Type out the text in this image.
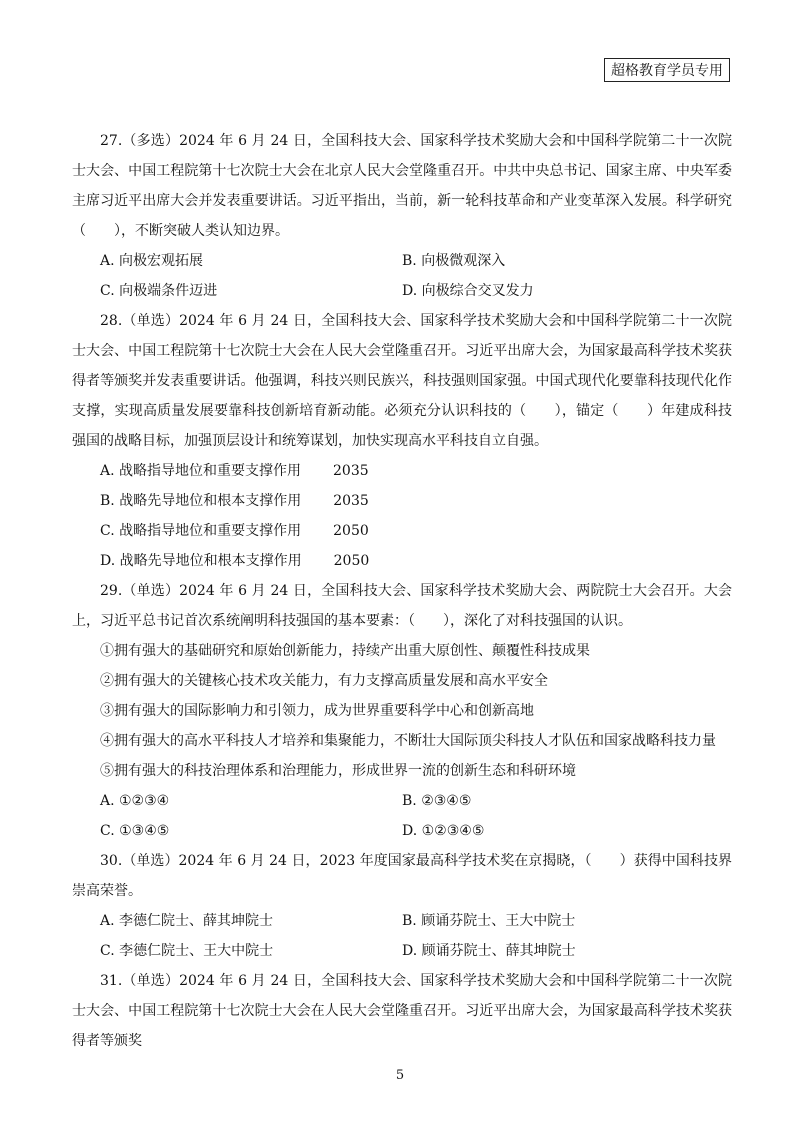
超格教育学员专用

27.（多选）2024 年 6 月 24 日，全国科技大会、国家科学技术奖励大会和中国科学院第二十一次院士大会、中国工程院第十七次院士大会在北京人民大会堂隆重召开。中共中央总书记、国家主席、中央军委主席习近平出席大会并发表重要讲话。习近平指出，当前，新一轮科技革命和产业变革深入发展。科学研究（　　），不断突破人类认知边界。

A. 向极宏观拓展	B. 向极微观深入
C. 向极端条件迈进	D. 向极综合交叉发力

28.（单选）2024 年 6 月 24 日，全国科技大会、国家科学技术奖励大会和中国科学院第二十一次院士大会、中国工程院第十七次院士大会在人民大会堂隆重召开。习近平出席大会，为国家最高科学技术奖获得者等颁奖并发表重要讲话。他强调，科技兴则民族兴，科技强则国家强。中国式现代化要靠科技现代化作支撑，实现高质量发展要靠科技创新培育新动能。必须充分认识科技的（　　），锚定（　　）年建成科技强国的战略目标，加强顶层设计和统筹谋划，加快实现高水平科技自立自强。

A. 战略指导地位和重要支撑作用 2035
B. 战略先导地位和根本支撑作用 2035
C. 战略指导地位和重要支撑作用 2050
D. 战略先导地位和根本支撑作用 2050

29.（单选）2024 年 6 月 24 日，全国科技大会、国家科学技术奖励大会、两院院士大会召开。大会上，习近平总书记首次系统阐明科技强国的基本要素：（　　），深化了对科技强国的认识。

①拥有强大的基础研究和原始创新能力，持续产出重大原创性、颠覆性科技成果
②拥有强大的关键核心技术攻关能力，有力支撑高质量发展和高水平安全
③拥有强大的国际影响力和引领力，成为世界重要科学中心和创新高地
④拥有强大的高水平科技人才培养和集聚能力，不断壮大国际顶尖科技人才队伍和国家战略科技力量
⑤拥有强大的科技治理体系和治理能力，形成世界一流的创新生态和科研环境
A. ①②③④	B. ②③④⑤
C. ①③④⑤	D. ①②③④⑤

30.（单选）2024 年 6 月 24 日，2023 年度国家最高科学技术奖在京揭晓，（　　）获得中国科技界崇高荣誉。

A. 李德仁院士、薛其坤院士	B. 顾诵芬院士、王大中院士
C. 李德仁院士、王大中院士	D. 顾诵芬院士、薛其坤院士

31.（单选）2024 年 6 月 24 日，全国科技大会、国家科学技术奖励大会和中国科学院第二十一次院士大会、中国工程院第十七次院士大会在人民大会堂隆重召开。习近平出席大会，为国家最高科学技术奖获得者等颁奖

5
